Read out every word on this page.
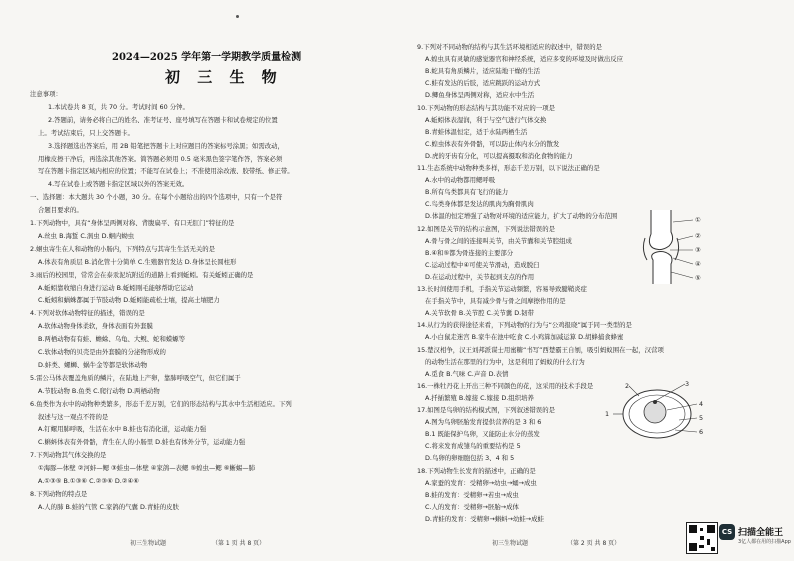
2024—2025 学年第一学期教学质量检测
初 三 生 物
注意事项：
1.本试卷共 8 页，共 70 分。考试时间 60 分钟。
2.答题前，请务必将自己的姓名、准考证号、座号填写在答题卡和试卷规定的位置
上。考试结束后，只上交答题卡。
3.选择题选出答案后，用 2B 铅笔把答题卡上对应题目的答案标号涂黑；如需改动，
用橡皮擦干净后，再选涂其他答案。简答题必须用 0.5 毫米黑色签字笔作答，答案必须
写在答题卡指定区域内相应的位置；不能写在试卷上；不准使用涂改液、胶带纸、修正带。
4.写在试卷上或答题卡指定区域以外的答案无效。
一、选择题：本大题共 30 个小题，30 分。在每个小题给出的四个选项中，只有一个是符
合题目要求的。
1.下列动物中，具有“身体呈两侧对称、背腹扁平、有口无肛门”特征的是
A.丝虫 B.海蜇 C.涡虫 D.蛔内蚴虫
2.蛔虫寄生在人和动物的小肠内，下列特点与其寄生生活无关的是
A.体表有角质层 B.消化管十分简单 C.生殖器官发达 D.身体呈长圆柱形
3.雨后的校园里，常常会在泰汞泥坑附近的道路上看到蚯蚓。有关蚯蚓正确的是
A.蚯蚓靠收缩自身进行运动 B.蚯蚓刚毛能够帮助它运动
C.蚯蚓和蜗蛛都属于节肢动物 D.蚯蚓能疏松土壤，提高土壤肥力
4.下列对软体动物特征的描述，错误的是
A.软体动物身体柔软，身体表面有外套膜
B.两栖动物有有蛙、蟾蜍、乌龟、大鲵、蛇和蝾螈等
C.软体动物的贝壳是由外套膜的分泌物形成的
D.蚌类、螺蛳、蜗牛金等都是软体动物
5.雷公马体表覆盖角质的鳞片，在陆地上产卵，靠肺呼吸空气，但它们属于
A.节肢动物 B.鱼类 C.爬行动物 D.两栖动物
6.鱼类作为水中的动物种类繁多，形态千差万别，它们的形态结构与其水中生活相适应。下列
叙述与这一观点不符的是
A.钉螺用肺呼吸，生活在水中 B.蛙也有消化道，运动能力强
C.蝌蚪体表有外骨骼，背生在人的小肠里 D.蛙也有体外分节，运动能力强
7.下列动物其气体交换的是
①海豚—体壁 ②河蚌—鳃 ③蛙虫—体壁 ④家鸽—表鳃 ⑤蝗虫—鳃 ⑥蜥蜴—肺
A.①③⑤ B.①③⑥ C.②③⑥ D.②④⑥
8.下列动物的特点是
A.人的肺 B.蛙的气管 C.家鸽的气囊 D.青蛙的皮肤
初三生物试题	（第 1 页 共 8 页）
9.下列对不同动物的结构与其生活环境相适应的叙述中，错误的是
A.蝗虫具有灵敏的感觉器官和神经系统，适应多变的环境及时做出反应
B.蛇具有角质鳞片，适应陆地干燥的生活
C.蛙有发达的后肢，适应跳跃的运动方式
D.鲫鱼身体呈两侧对称，适应水中生活
10.下列动物的形态结构与其功能不对应的一项是
A.蚯蚓体表湿润，利于与空气进行气体交换
B.青蛙体温恒定，适于水陆两栖生活
C.蝗虫体表有外骨骼，可以防止体内水分的散发
D.虎的牙齿有分化，可以提高摄取和消化食物的能力
11.生态系统中动物种类多样，形态千差万别，以下说法正确的是
A.水中的动物都用鳃呼吸
B.所有鸟类都具有飞行的能力
C.鸟类身体都是发达的肌肉为胸骨肌肉
D.体温的恒定增强了动物对环境的适应能力，扩大了动物的分布范围
12.如图是关节的结构示意图，下列说法错误的是
A.骨与骨之间的连接叫关节，由关节囊和关节腔组成
B.④和⑤都为骨连接的主要部分
C.运动过程中④可使关节滑动，造成脱臼
D.在运动过程中，关节起到支点的作用
13.长时间使用手机，手指关节运动频繁，容易导致腱鞘炎症
在手指关节中，具有减少骨与骨之间摩擦作用的是
A.关节软骨 B.关节腔 C.关节囊 D.韧带
14.从行为的获得途径来看，下列动物的行为与“公鸡报晓”属于同一类型的是
A.小白鼠走迷宫 B.家牛在池中吃食 C.小鸡算加减运算 D.胡蜂捕食蜂蜜
15.楚汉相争，汉王刘邦派谋士用蜜糖“书写”西楚霸王自刎，吸引蚂蚁围在一起，汉营项
的动物生活在那里的行为中，这是利用了蚂蚁的什么行为
A.觅食 B.气味 C.声音 D.表情
16.一株牡丹花上开出三种不同颜色的花，这采用的技术手段是
A.扦插繁殖 B.嫁接 C.嫁接 D.组织培养
17.如图是鸟卵的结构模式图，下列叙述错误的是
A.图为鸟卵胚胎发育提供营养的是 3 和 6
B.1 既能保护鸟卵，又能防止水分的蒸发
C.将来发育成雏鸟的重要结构是 5
D.鸟卵的卵细胞包括 3、4 和 5
18.下列动物生长发育的描述中，正确的是
A.家蚕的发育：受精卵→幼虫→蛹→成虫
B.蛙的发育：受精卵→若虫→成虫
C.人的发育：受精卵→胚胎→成体
D.青蛙的发育：受精卵→蝌蚪→幼蛙→成蛙
①
②
③
④
⑤
1
2	3
4
5
6
初三生物试题	（第 2 页 共 8 页）
CS 扫描全能王
3亿人都在用的扫描App
